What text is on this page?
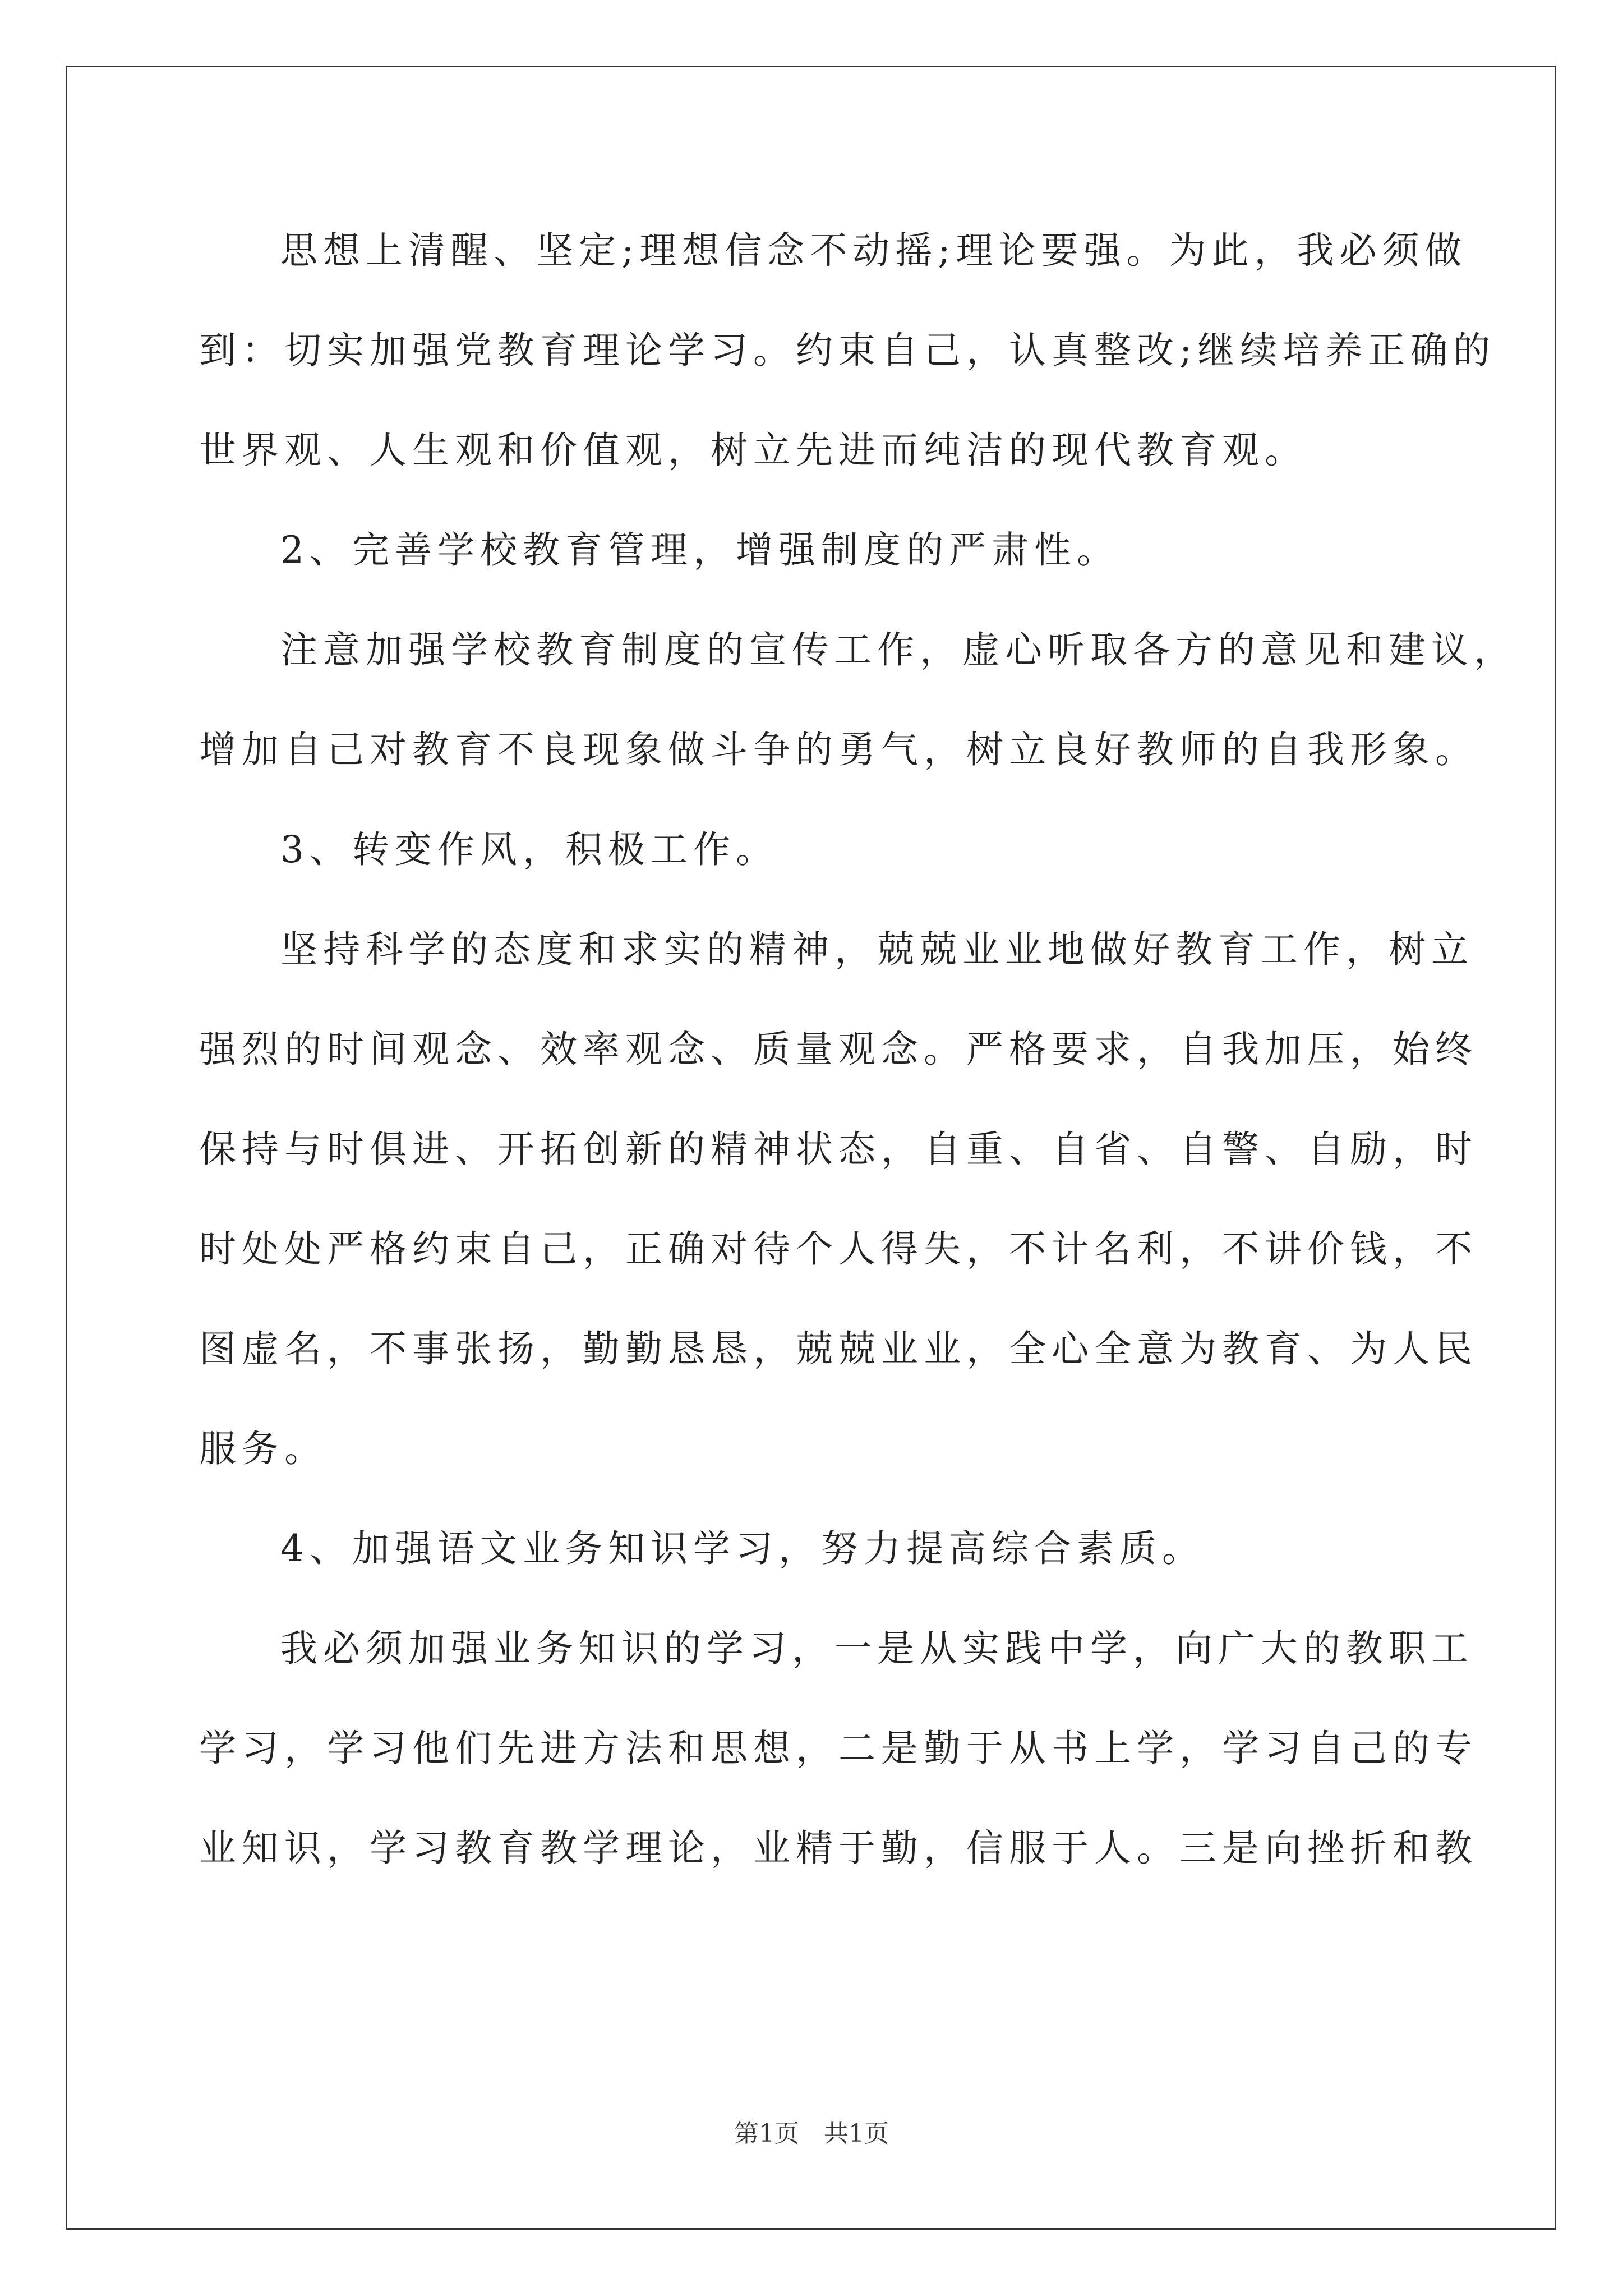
思想上清醒、坚定;理想信念不动摇;理论要强。为此，我必须做

到：切实加强党教育理论学习。约束自己，认真整改;继续培养正确的

世界观、人生观和价值观，树立先进而纯洁的现代教育观。

2、完善学校教育管理，增强制度的严肃性。

注意加强学校教育制度的宣传工作，虚心听取各方的意见和建议，

增加自己对教育不良现象做斗争的勇气，树立良好教师的自我形象。

3、转变作风，积极工作。

坚持科学的态度和求实的精神，兢兢业业地做好教育工作，树立

强烈的时间观念、效率观念、质量观念。严格要求，自我加压，始终

保持与时俱进、开拓创新的精神状态，自重、自省、自警、自励，时

时处处严格约束自己，正确对待个人得失，不计名利，不讲价钱，不

图虚名，不事张扬，勤勤恳恳，兢兢业业，全心全意为教育、为人民

服务。

4、加强语文业务知识学习，努力提高综合素质。

我必须加强业务知识的学习，一是从实践中学，向广大的教职工

学习，学习他们先进方法和思想，二是勤于从书上学，学习自己的专

业知识，学习教育教学理论，业精于勤，信服于人。三是向挫折和教

第1页 共1页
